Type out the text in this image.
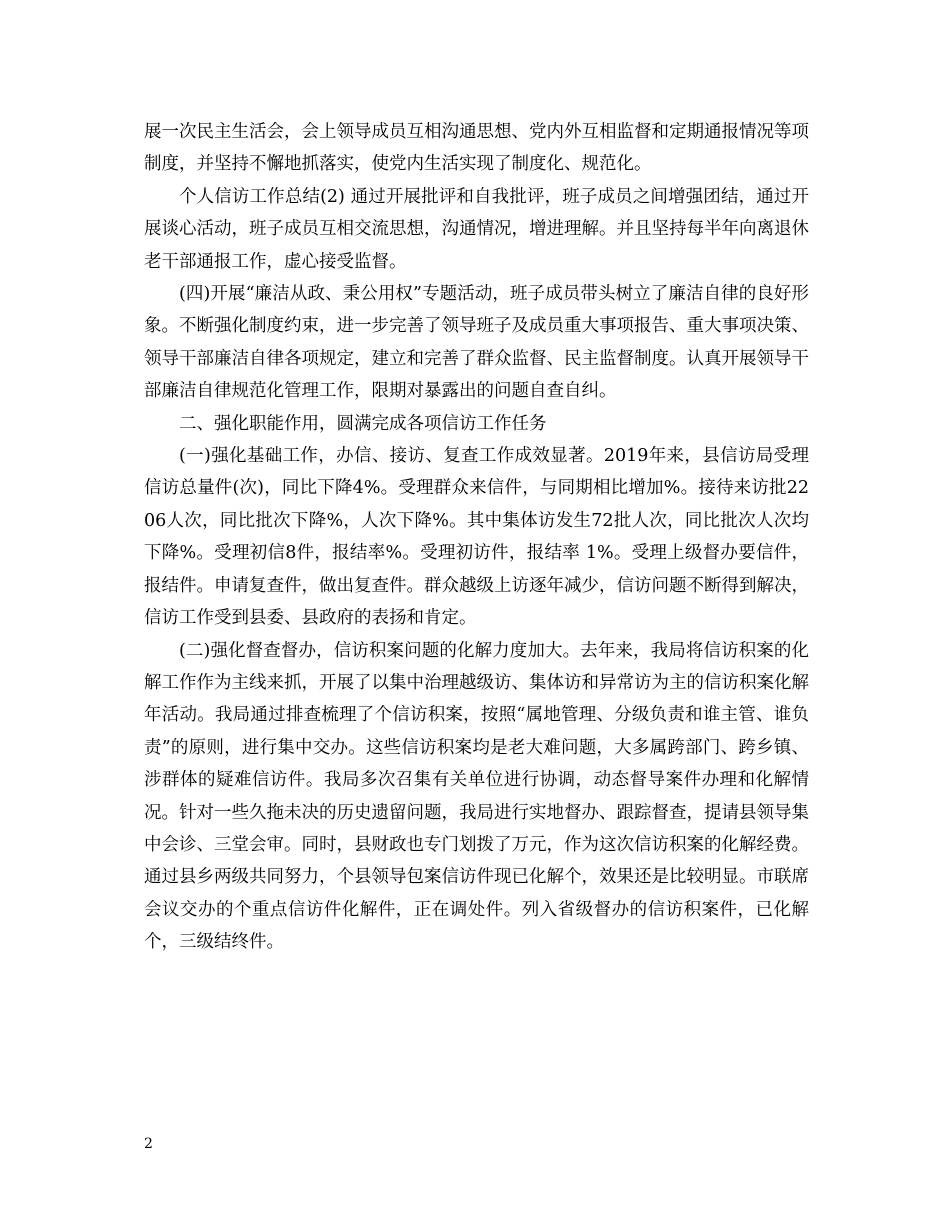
展一次民主生活会，会上领导成员互相沟通思想、党内外互相监督和定期通报情况等项制度，并坚持不懈地抓落实，使党内生活实现了制度化、规范化。

个人信访工作总结(2) 通过开展批评和自我批评，班子成员之间增强团结，通过开展谈心活动，班子成员互相交流思想，沟通情况，增进理解。并且坚持每半年向离退休老干部通报工作，虚心接受监督。

(四)开展“廉洁从政、秉公用权”专题活动，班子成员带头树立了廉洁自律的良好形象。不断强化制度约束，进一步完善了领导班子及成员重大事项报告、重大事项决策、领导干部廉洁自律各项规定，建立和完善了群众监督、民主监督制度。认真开展领导干部廉洁自律规范化管理工作，限期对暴露出的问题自查自纠。

二、强化职能作用，圆满完成各项信访工作任务

(一)强化基础工作，办信、接访、复查工作成效显著。2019年来，县信访局受理信访总量件(次)，同比下降4%。受理群众来信件，与同期相比增加%。接待来访批2206人次，同比批次下降%，人次下降%。其中集体访发生72批人次，同比批次人次均下降%。受理初信8件，报结率%。受理初访件，报结率 1%。受理上级督办要信件，报结件。申请复查件，做出复查件。群众越级上访逐年减少，信访问题不断得到解决，信访工作受到县委、县政府的表扬和肯定。

(二)强化督查督办，信访积案问题的化解力度加大。去年来，我局将信访积案的化解工作作为主线来抓，开展了以集中治理越级访、集体访和异常访为主的信访积案化解年活动。我局通过排查梳理了个信访积案，按照“属地管理、分级负责和谁主管、谁负责”的原则，进行集中交办。这些信访积案均是老大难问题，大多属跨部门、跨乡镇、涉群体的疑难信访件。我局多次召集有关单位进行协调，动态督导案件办理和化解情况。针对一些久拖未决的历史遗留问题，我局进行实地督办、跟踪督查，提请县领导集中会诊、三堂会审。同时，县财政也专门划拨了万元，作为这次信访积案的化解经费。通过县乡两级共同努力，个县领导包案信访件现已化解个，效果还是比较明显。市联席会议交办的个重点信访件化解件，正在调处件。列入省级督办的信访积案件，已化解个，三级结终件。

2
